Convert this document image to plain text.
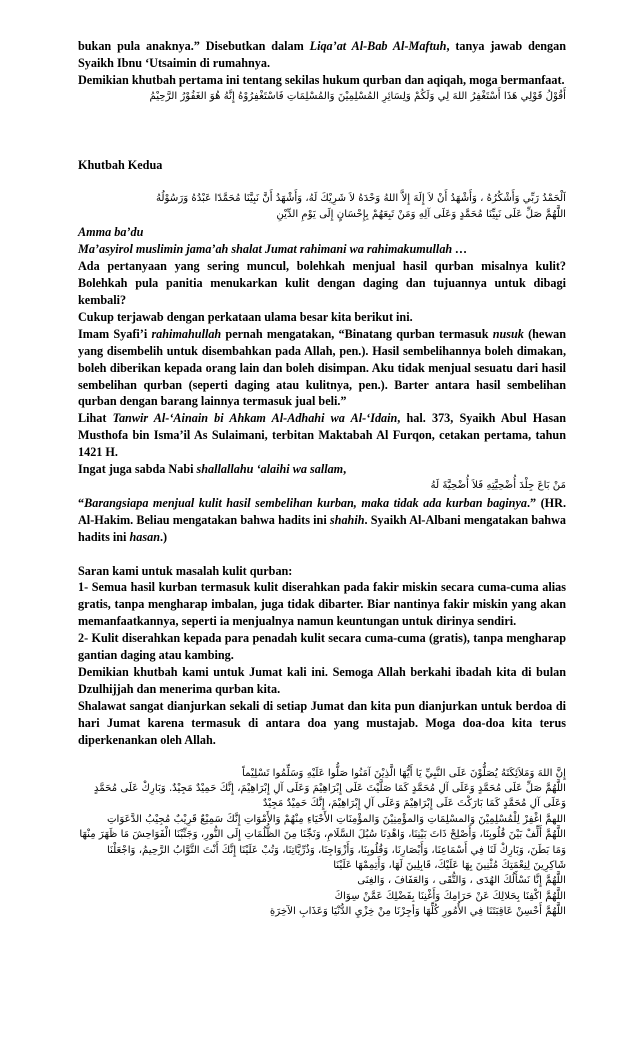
bukan pula anaknya.” Disebutkan dalam Liqa’at Al-Bab Al-Maftuh, tanya jawab dengan Syaikh Ibnu ‘Utsaimin di rumahnya.

Demikian khutbah pertama ini tentang sekilas hukum qurban dan aqiqah, moga bermanfaat.

أَقُوْلُ قَوْلِي هَذَا أَسْتَغْفِرُ اللهَ لِي وَلَكُمْ وَلِسَائِرِ المُسْلِمِيْنَ وَالمُسْلِمَاتِ فَاسْتَغْفِرُوْهُ إِنَّهُ هُوَ الغَفُوْرُ الرَّحِيْمُ

Khutbah Kedua

اَلْحَمْدُ رَبِّي وَأَشْكُرُهُ ، وَأَشْهَدُ أَنْ لاَ إِلَهَ إِلاَّ اللهُ وَحْدَهُ لاَ شَرِيْكَ لَهُ، وَأَشْهَدُ أَنَّ نَبِيَّنَا مُحَمَّدًا عَبْدُهُ وَرَسُوْلُهُ

اللَّهُمَّ صَلِّ عَلَى نَبِيِّنَا مُحَمَّدٍ وَعَلَى آلِهِ وَمَنْ تَبِعَهُمْ بِإِحْسَانٍ إِلَى يَوْمِ الدِّيْنِ

Amma ba’du

Ma’asyirol muslimin jama’ah shalat Jumat rahimani wa rahimakumullah …

Ada pertanyaan yang sering muncul, bolehkah menjual hasil qurban misalnya kulit? Bolehkah pula panitia menukarkan kulit dengan daging dan tujuannya untuk dibagi kembali?

Cukup terjawab dengan perkataan ulama besar kita berikut ini.

Imam Syafi’i rahimahullah pernah mengatakan, “Binatang qurban termasuk nusuk (hewan yang disembelih untuk disembahkan pada Allah, pen.). Hasil sembelihannya boleh dimakan, boleh diberikan kepada orang lain dan boleh disimpan. Aku tidak menjual sesuatu dari hasil sembelihan qurban (seperti daging atau kulitnya, pen.). Barter antara hasil sembelihan qurban dengan barang lainnya termasuk jual beli.”

Lihat Tanwir Al-‘Ainain bi Ahkam Al-Adhahi wa Al-‘Idain, hal. 373, Syaikh Abul Hasan Musthofa bin Isma’il As Sulaimani, terbitan Maktabah Al Furqon, cetakan pertama, tahun 1421 H.

Ingat juga sabda Nabi shallallahu ‘alaihi wa sallam,

مَنْ بَاعَ جِلْدَ أُضْحِيَّتِهِ فَلاَ أُضْحِيَّةَ لَهُ

“Barangsiapa menjual kulit hasil sembelihan kurban, maka tidak ada kurban baginya.” (HR. Al-Hakim. Beliau mengatakan bahwa hadits ini shahih. Syaikh Al-Albani mengatakan bahwa hadits ini hasan.)

Saran kami untuk masalah kulit qurban:

1- Semua hasil kurban termasuk kulit diserahkan pada fakir miskin secara cuma-cuma alias gratis, tanpa mengharap imbalan, juga tidak dibarter. Biar nantinya fakir miskin yang akan memanfaatkannya, seperti ia menjualnya namun keuntungan untuk dirinya sendiri.

2- Kulit diserahkan kepada para penadah kulit secara cuma-cuma (gratis), tanpa mengharap gantian daging atau kambing.

Demikian khutbah kami untuk Jumat kali ini. Semoga Allah berkahi ibadah kita di bulan Dzulhijjah dan menerima qurban kita.

Shalawat sangat dianjurkan sekali di setiap Jumat dan kita pun dianjurkan untuk berdoa di hari Jumat karena termasuk di antara doa yang mustajab. Moga doa-doa kita terus diperkenankan oleh Allah.

إِنَّ اللهَ وَمَلاَئِكَتَهُ يُصَلُّوْنَ عَلَى النَّبِيِّ يَا أَيُّهَا الَّذِيْنَ آمَنُوا صَلُّوا عَلَيْهِ وَسَلِّمُوا تَسْلِيْماً

اللَّهُمَّ صَلِّ عَلَى مُحَمَّدٍ وَعَلَى آلِ مُحَمَّدٍ كَمَا صَلَّيْتَ عَلَى إِبْرَاهِيْمَ وَعَلَى آلِ إِبْرَاهِيْمَ، إِنَّكَ حَمِيْدٌ مَجِيْدٌ. وَبَارِكْ عَلَى مُحَمَّدٍ وَعَلَى آلِ مُحَمَّدٍ كَمَا بَارَكْتَ عَلَى إِبْرَاهِيْمَ وَعَلَى آلِ إِبْرَاهِيْمَ، إِنَّكَ حَمِيْدٌ مَجِيْدٌ

اللهمَّ اغْفِرْ لِلْمُسْلِمِيْنَ وَالمسْلِمَاتِ وَالمؤْمِنِيْنَ وَالمؤْمِنَاتِ الأَحْيَاءِ مِنْهُمْ وَالأَمْوَاتِ إِنَّكَ سَمِيْعٌ قَرِيْبٌ مُجِيْبُ الدَّعَوَاتِ

اللَّهُمَّ أَلِّفْ بَيْنَ قُلُوبِنَا، وَأَصْلِحْ ذَاتَ بَيْنِنَا، وَاهْدِنَا سُبُلَ السَّلَامِ، وَنَجِّنَا مِنَ الظُّلُمَاتِ إِلَى النُّورِ، وَجَنِّبْنَا الْفَوَاحِشَ مَا ظَهَرَ مِنْهَا وَمَا بَطَنَ، وَبَارِكْ لَنَا فِي أَسْمَاعِنَا، وَأَبْصَارِنَا، وَقُلُوبِنَا، وَأَزْوَاجِنَا، وَذُرِّيَّاتِنَا، وَتُبْ عَلَيْنَا إِنَّكَ أَنْتَ التَّوَّابُ الرَّحِيمُ، وَاجْعَلْنَا شَاكِرِينَ لِنِعْمَتِكَ مُثْنِينَ بِهَا عَلَيْكَ، قَابِلِينَ لَهَا، وَأَتِمِمْهَا عَلَيْنَا

اللَّهُمَّ إِنَّا نَسْأَلُكَ الهُدَى ، وَالتُّقَى ، وَالعَفَافَ ، وَالغِنَى

اللَّهُمَّ اكْفِنَا بِحَلالِكَ عَنْ حَرَامِكَ وَأَغْنِنَا بِفَضْلِكَ عَمَّنْ سِوَاكَ

اللَّهُمَّ أَحْسِنْ عَاقِبَتَنَا فِي الأُمُورِ كُلِّهَا وَأجِرْنَا مِنْ خِزْيِ الدُّنْيَا وَعَذَابِ الآخِرَةِ
